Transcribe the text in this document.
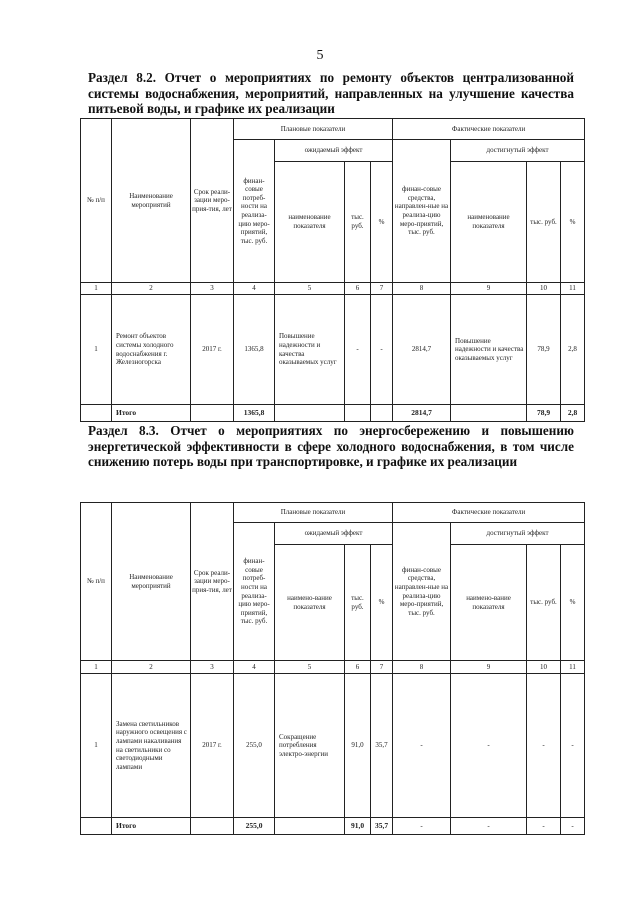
5
Раздел 8.2. Отчет о мероприятиях по ремонту объектов централизованной системы водоснабжения, мероприятий, направленных на улучшение качества питьевой воды, и графике их реализации
№ п/п	Наименование мероприятий	Срок реали-зации меро-прия-тия, лет	Плановые показатели				Фактические показатели			
			финан-совые потреб-ности на реализа-цию меро-приятий, тыс. руб.	ожидаемый эффект			финан-совые средства, направлен-ные на реализа-цию меро-приятий, тыс. руб.	достигнутый эффект		
				наименование показателя	тыс. руб.	%		наименование показателя	тыс. руб.	%
1	2	3	4	5	6	7	8	9	10	11
1	Ремонт объектов системы холодного водоснабжения г. Железногорска	2017 г.	1365,8	Повышение надежности и качества оказываемых услуг	-	-	2814,7	Повышение надежности и качества оказываемых услуг	78,9	2,8
	Итого		1365,8				2814,7		78,9	2,8
Раздел 8.3. Отчет о мероприятиях по энергосбережению и повышению энергетической эффективности в сфере холодного водоснабжения, в том числе снижению потерь воды при транспортировке, и графике их реализации
№ п/п	Наименование мероприятий	Срок реали-зации меро-прия-тия, лет	Плановые показатели				Фактические показатели			
			финан-совые потреб-ности на реализа-цию меро-приятий, тыс. руб.	ожидаемый эффект			финан-совые средства, направлен-ные на реализа-цию меро-приятий, тыс. руб.	достигнутый эффект		
				наимено-вание показателя	тыс. руб.	%		наимено-вание показателя	тыс. руб.	%
1	2	3	4	5	6	7	8	9	10	11
1	Замена светильников наружного освещения с лампами накаливания на светильники со светодиодными лампами	2017 г.	255,0	Сокращение потребления электро-энергии	91,0	35,7	-	-	-	-
	Итого		255,0		91,0	35,7	-	-	-	-
